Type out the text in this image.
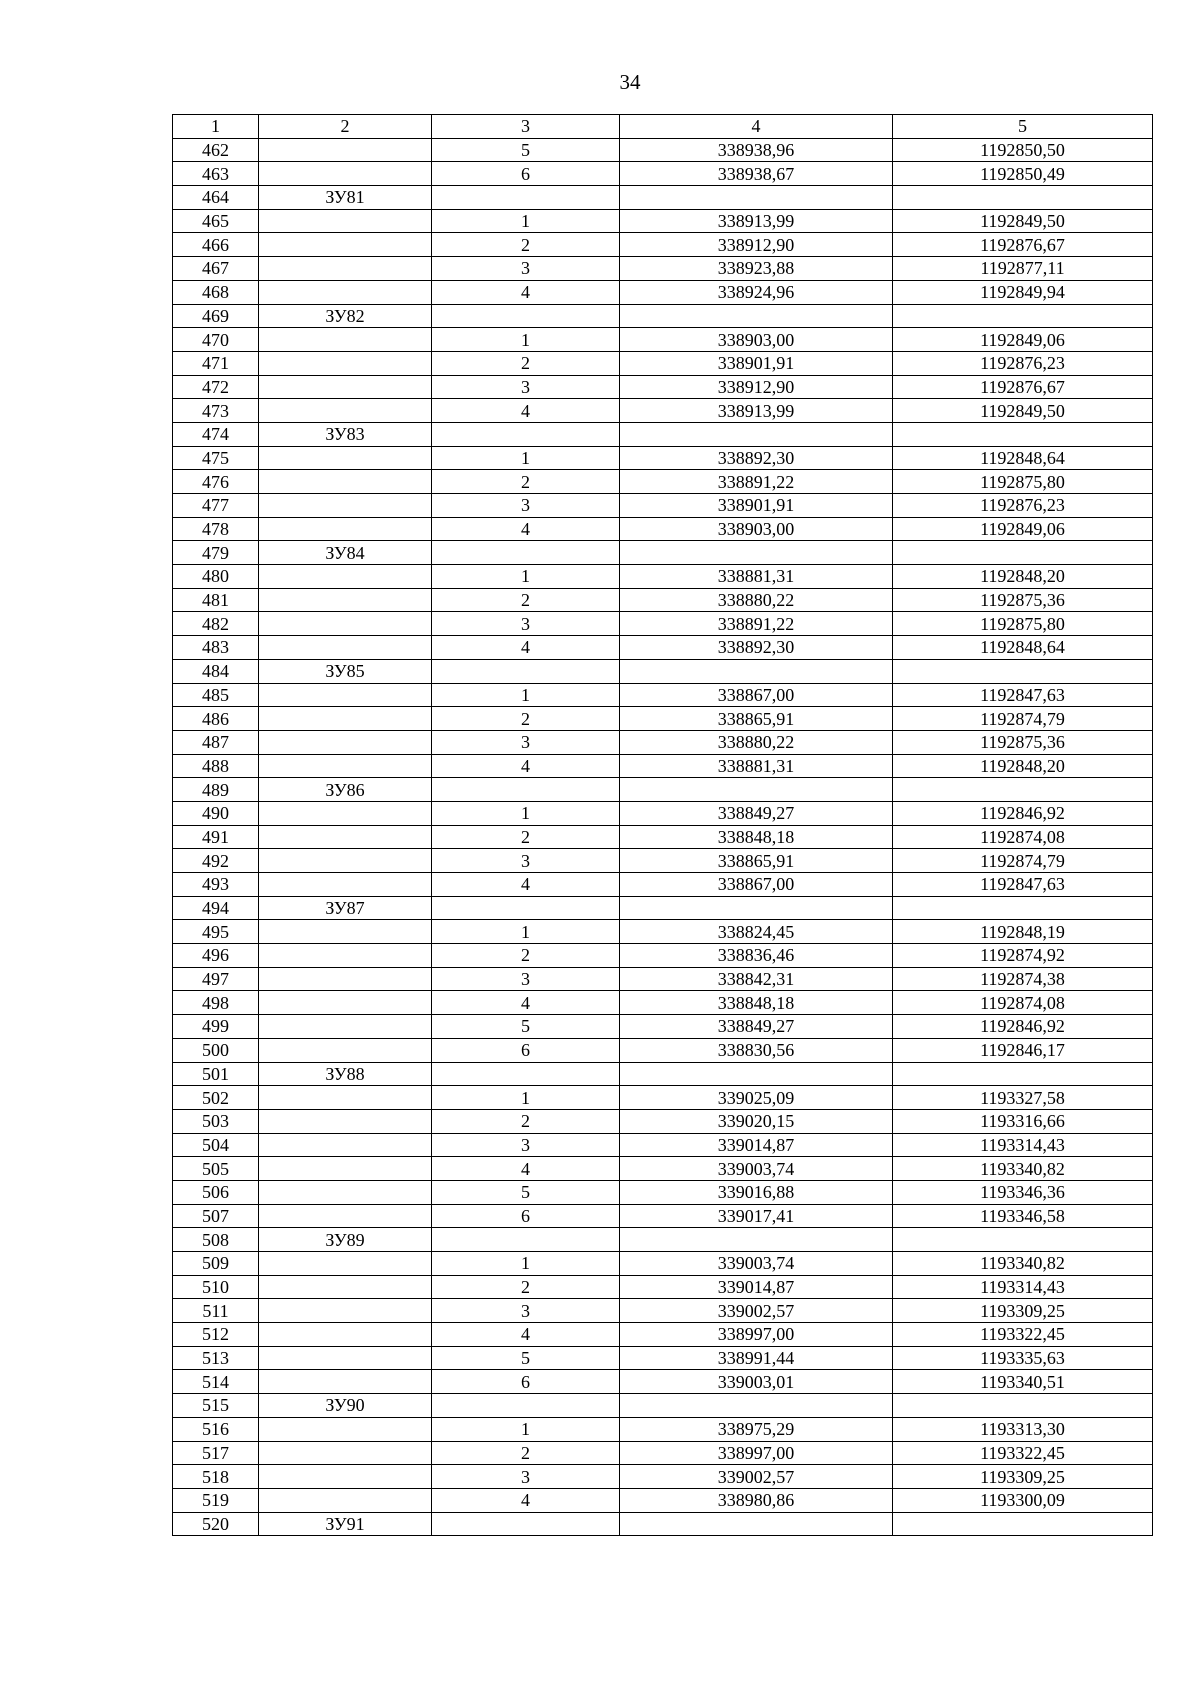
34
1	2	3	4	5
462		5	338938,96	1192850,50
463		6	338938,67	1192850,49
464	ЗУ81			
465		1	338913,99	1192849,50
466		2	338912,90	1192876,67
467		3	338923,88	1192877,11
468		4	338924,96	1192849,94
469	ЗУ82			
470		1	338903,00	1192849,06
471		2	338901,91	1192876,23
472		3	338912,90	1192876,67
473		4	338913,99	1192849,50
474	ЗУ83			
475		1	338892,30	1192848,64
476		2	338891,22	1192875,80
477		3	338901,91	1192876,23
478		4	338903,00	1192849,06
479	ЗУ84			
480		1	338881,31	1192848,20
481		2	338880,22	1192875,36
482		3	338891,22	1192875,80
483		4	338892,30	1192848,64
484	ЗУ85			
485		1	338867,00	1192847,63
486		2	338865,91	1192874,79
487		3	338880,22	1192875,36
488		4	338881,31	1192848,20
489	ЗУ86			
490		1	338849,27	1192846,92
491		2	338848,18	1192874,08
492		3	338865,91	1192874,79
493		4	338867,00	1192847,63
494	ЗУ87			
495		1	338824,45	1192848,19
496		2	338836,46	1192874,92
497		3	338842,31	1192874,38
498		4	338848,18	1192874,08
499		5	338849,27	1192846,92
500		6	338830,56	1192846,17
501	ЗУ88			
502		1	339025,09	1193327,58
503		2	339020,15	1193316,66
504		3	339014,87	1193314,43
505		4	339003,74	1193340,82
506		5	339016,88	1193346,36
507		6	339017,41	1193346,58
508	ЗУ89			
509		1	339003,74	1193340,82
510		2	339014,87	1193314,43
511		3	339002,57	1193309,25
512		4	338997,00	1193322,45
513		5	338991,44	1193335,63
514		6	339003,01	1193340,51
515	ЗУ90			
516		1	338975,29	1193313,30
517		2	338997,00	1193322,45
518		3	339002,57	1193309,25
519		4	338980,86	1193300,09
520	ЗУ91			
